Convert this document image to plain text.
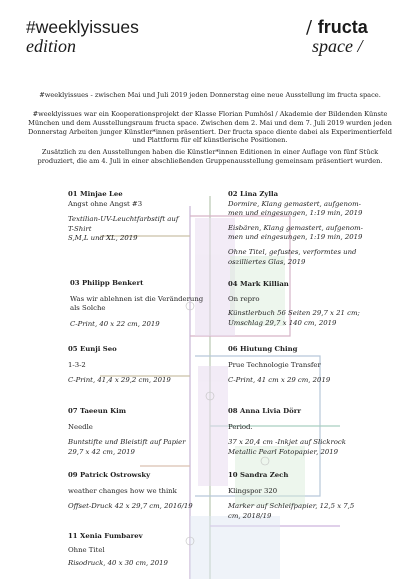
#weeklyissues
edition
/ fructa
space /
#weeklyissues - zwischen Mai und Juli 2019 jeden Donnerstag eine neue Ausstellung im fructa space.
#weeklyissues war ein Kooperationsprojekt der Klasse Florian Pumhösl / Akademie der Bildenden Künste München und dem Ausstellungsraum fructa space. Zwischen dem 2. Mai und dem 7. Juli 2019 wurden jeden Donnerstag Arbeiten junger Künstler*innen präsentiert. Der fructa space diente dabei als Experimentierfeld und Plattform für elf künstlerische Positionen.
Zusätzlich zu den Ausstellungen haben die Künstler*innen Editionen in einer Auflage von fünf Stück produziert, die am 4. Juli in einer abschließenden Gruppenausstellung gemeinsam präsentiert wurden.

01 Minjae Lee

Angst ohne Angst #3

Textilian-UV-Leuchtfarbstift auf

T-Shirt

S,M,L und XL, 2019

03 Philipp Benkert

Was wir ablehnen ist die Veränderung

als Solche

C-Print, 40 x 22 cm, 2019

05 Eunji Seo

1-3-2

C-Print, 41,4 x 29,2 cm, 2019

07 Taeeun Kim

Needle

Buntstifte und Bleistift auf Papier

29,7 x 42 cm, 2019

09 Patrick Ostrowsky

weather changes how we think

Offset-Druck 42 x 29,7 cm, 2016/19

11 Xenia Fumbarev

Ohne Titel

Risodruck, 40 x 30 cm, 2019

02 Lina Zylla

Dormire, Klang gemastert, aufgenom-

men und eingesungen, 1:19 min, 2019

Eisbären, Klang gemastert, aufgenom-

men und eingesungen, 1:19 min, 2019

Ohne Titel, gefustes, verformtes und

oszilliertes Glas, 2019

04 Mark Killian

On repro

Künstlerbuch 56 Seiten 29,7 x 21 cm;

Umschlag 29,7 x 140 cm, 2019

06 Hiutung Ching

Prue Technologie Transfer

C-Print, 41 cm x 29 cm, 2019

08 Anna Livia Dörr

Period.

37 x 20,4 cm -Inkjet auf Slickrock

Metallic Pearl Fotopapier, 2019

10 Sandra Zech

Klingspor 320

Marker auf Schleifpapier, 12,5 x 7,5

cm, 2018/19
